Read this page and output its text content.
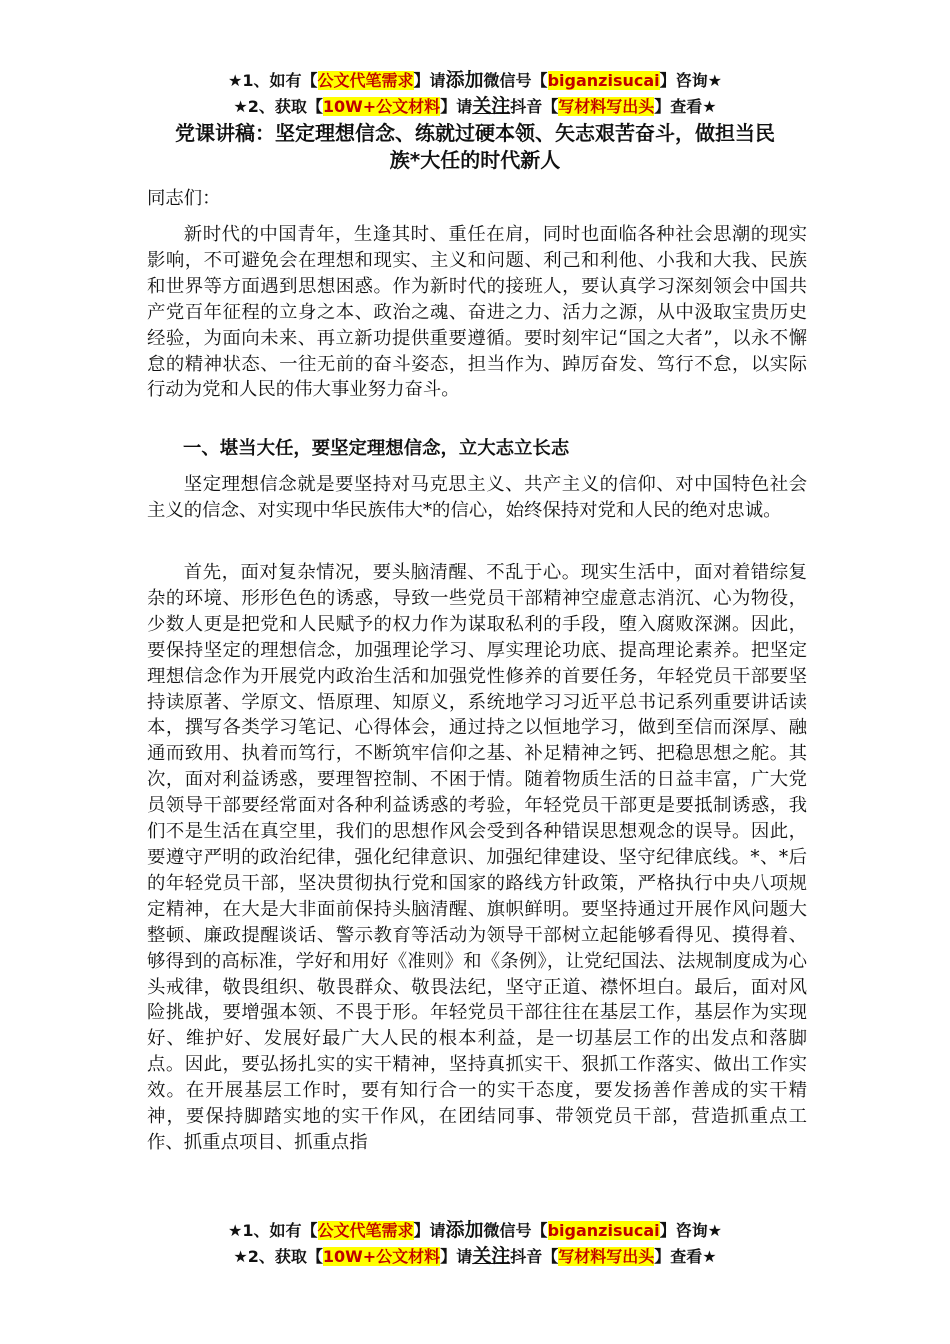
★1、如有【公文代笔需求】请添加微信号【biganzisucai】咨询★
★2、获取【10W+公文材料】请关注抖音【写材料写出头】查看★
党课讲稿：坚定理想信念、练就过硬本领、矢志艰苦奋斗，做担当民
族*大任的时代新人
同志们：

新时代的中国青年，生逢其时、重任在肩，同时也面临各种社会思潮的现实影响，不可避免会在理想和现实、主义和问题、利己和利他、小我和大我、民族和世界等方面遇到思想困惑。作为新时代的接班人，要认真学习深刻领会中国共产党百年征程的立身之本、政治之魂、奋进之力、活力之源，从中汲取宝贵历史经验，为面向未来、再立新功提供重要遵循。要时刻牢记“国之大者”，以永不懈怠的精神状态、一往无前的奋斗姿态，担当作为、踔厉奋发、笃行不怠，以实际行动为党和人民的伟大事业努力奋斗。

一、堪当大任，要坚定理想信念，立大志立长志

坚定理想信念就是要坚持对马克思主义、共产主义的信仰、对中国特色社会主义的信念、对实现中华民族伟大*的信心，始终保持对党和人民的绝对忠诚。

首先，面对复杂情况，要头脑清醒、不乱于心。现实生活中，面对着错综复杂的环境、形形色色的诱惑，导致一些党员干部精神空虚意志消沉、心为物役，少数人更是把党和人民赋予的权力作为谋取私利的手段，堕入腐败深渊。因此，要保持坚定的理想信念，加强理论学习、厚实理论功底、提高理论素养。把坚定理想信念作为开展党内政治生活和加强党性修养的首要任务，年轻党员干部要坚持读原著、学原文、悟原理、知原义，系统地学习习近平总书记系列重要讲话读本，撰写各类学习笔记、心得体会，通过持之以恒地学习，做到至信而深厚、融通而致用、执着而笃行，不断筑牢信仰之基、补足精神之钙、把稳思想之舵。其次，面对利益诱惑，要理智控制、不困于情。随着物质生活的日益丰富，广大党员领导干部要经常面对各种利益诱惑的考验，年轻党员干部更是要抵制诱惑，我们不是生活在真空里，我们的思想作风会受到各种错误思想观念的误导。因此，要遵守严明的政治纪律，强化纪律意识、加强纪律建设、坚守纪律底线。*、*后的年轻党员干部，坚决贯彻执行党和国家的路线方针政策，严格执行中央八项规定精神，在大是大非面前保持头脑清醒、旗帜鲜明。要坚持通过开展作风问题大整顿、廉政提醒谈话、警示教育等活动为领导干部树立起能够看得见、摸得着、够得到的高标准，学好和用好《准则》和《条例》，让党纪国法、法规制度成为心头戒律，敬畏组织、敬畏群众、敬畏法纪，坚守正道、襟怀坦白。最后，面对风险挑战，要增强本领、不畏于形。年轻党员干部往往在基层工作，基层作为实现好、维护好、发展好最广大人民的根本利益，是一切基层工作的出发点和落脚点。因此，要弘扬扎实的实干精神，坚持真抓实干、狠抓工作落实、做出工作实效。在开展基层工作时，要有知行合一的实干态度，要发扬善作善成的实干精神，要保持脚踏实地的实干作风，在团结同事、带领党员干部，营造抓重点工作、抓重点项目、抓重点指

★1、如有【公文代笔需求】请添加微信号【biganzisucai】咨询★
★2、获取【10W+公文材料】请关注抖音【写材料写出头】查看★
